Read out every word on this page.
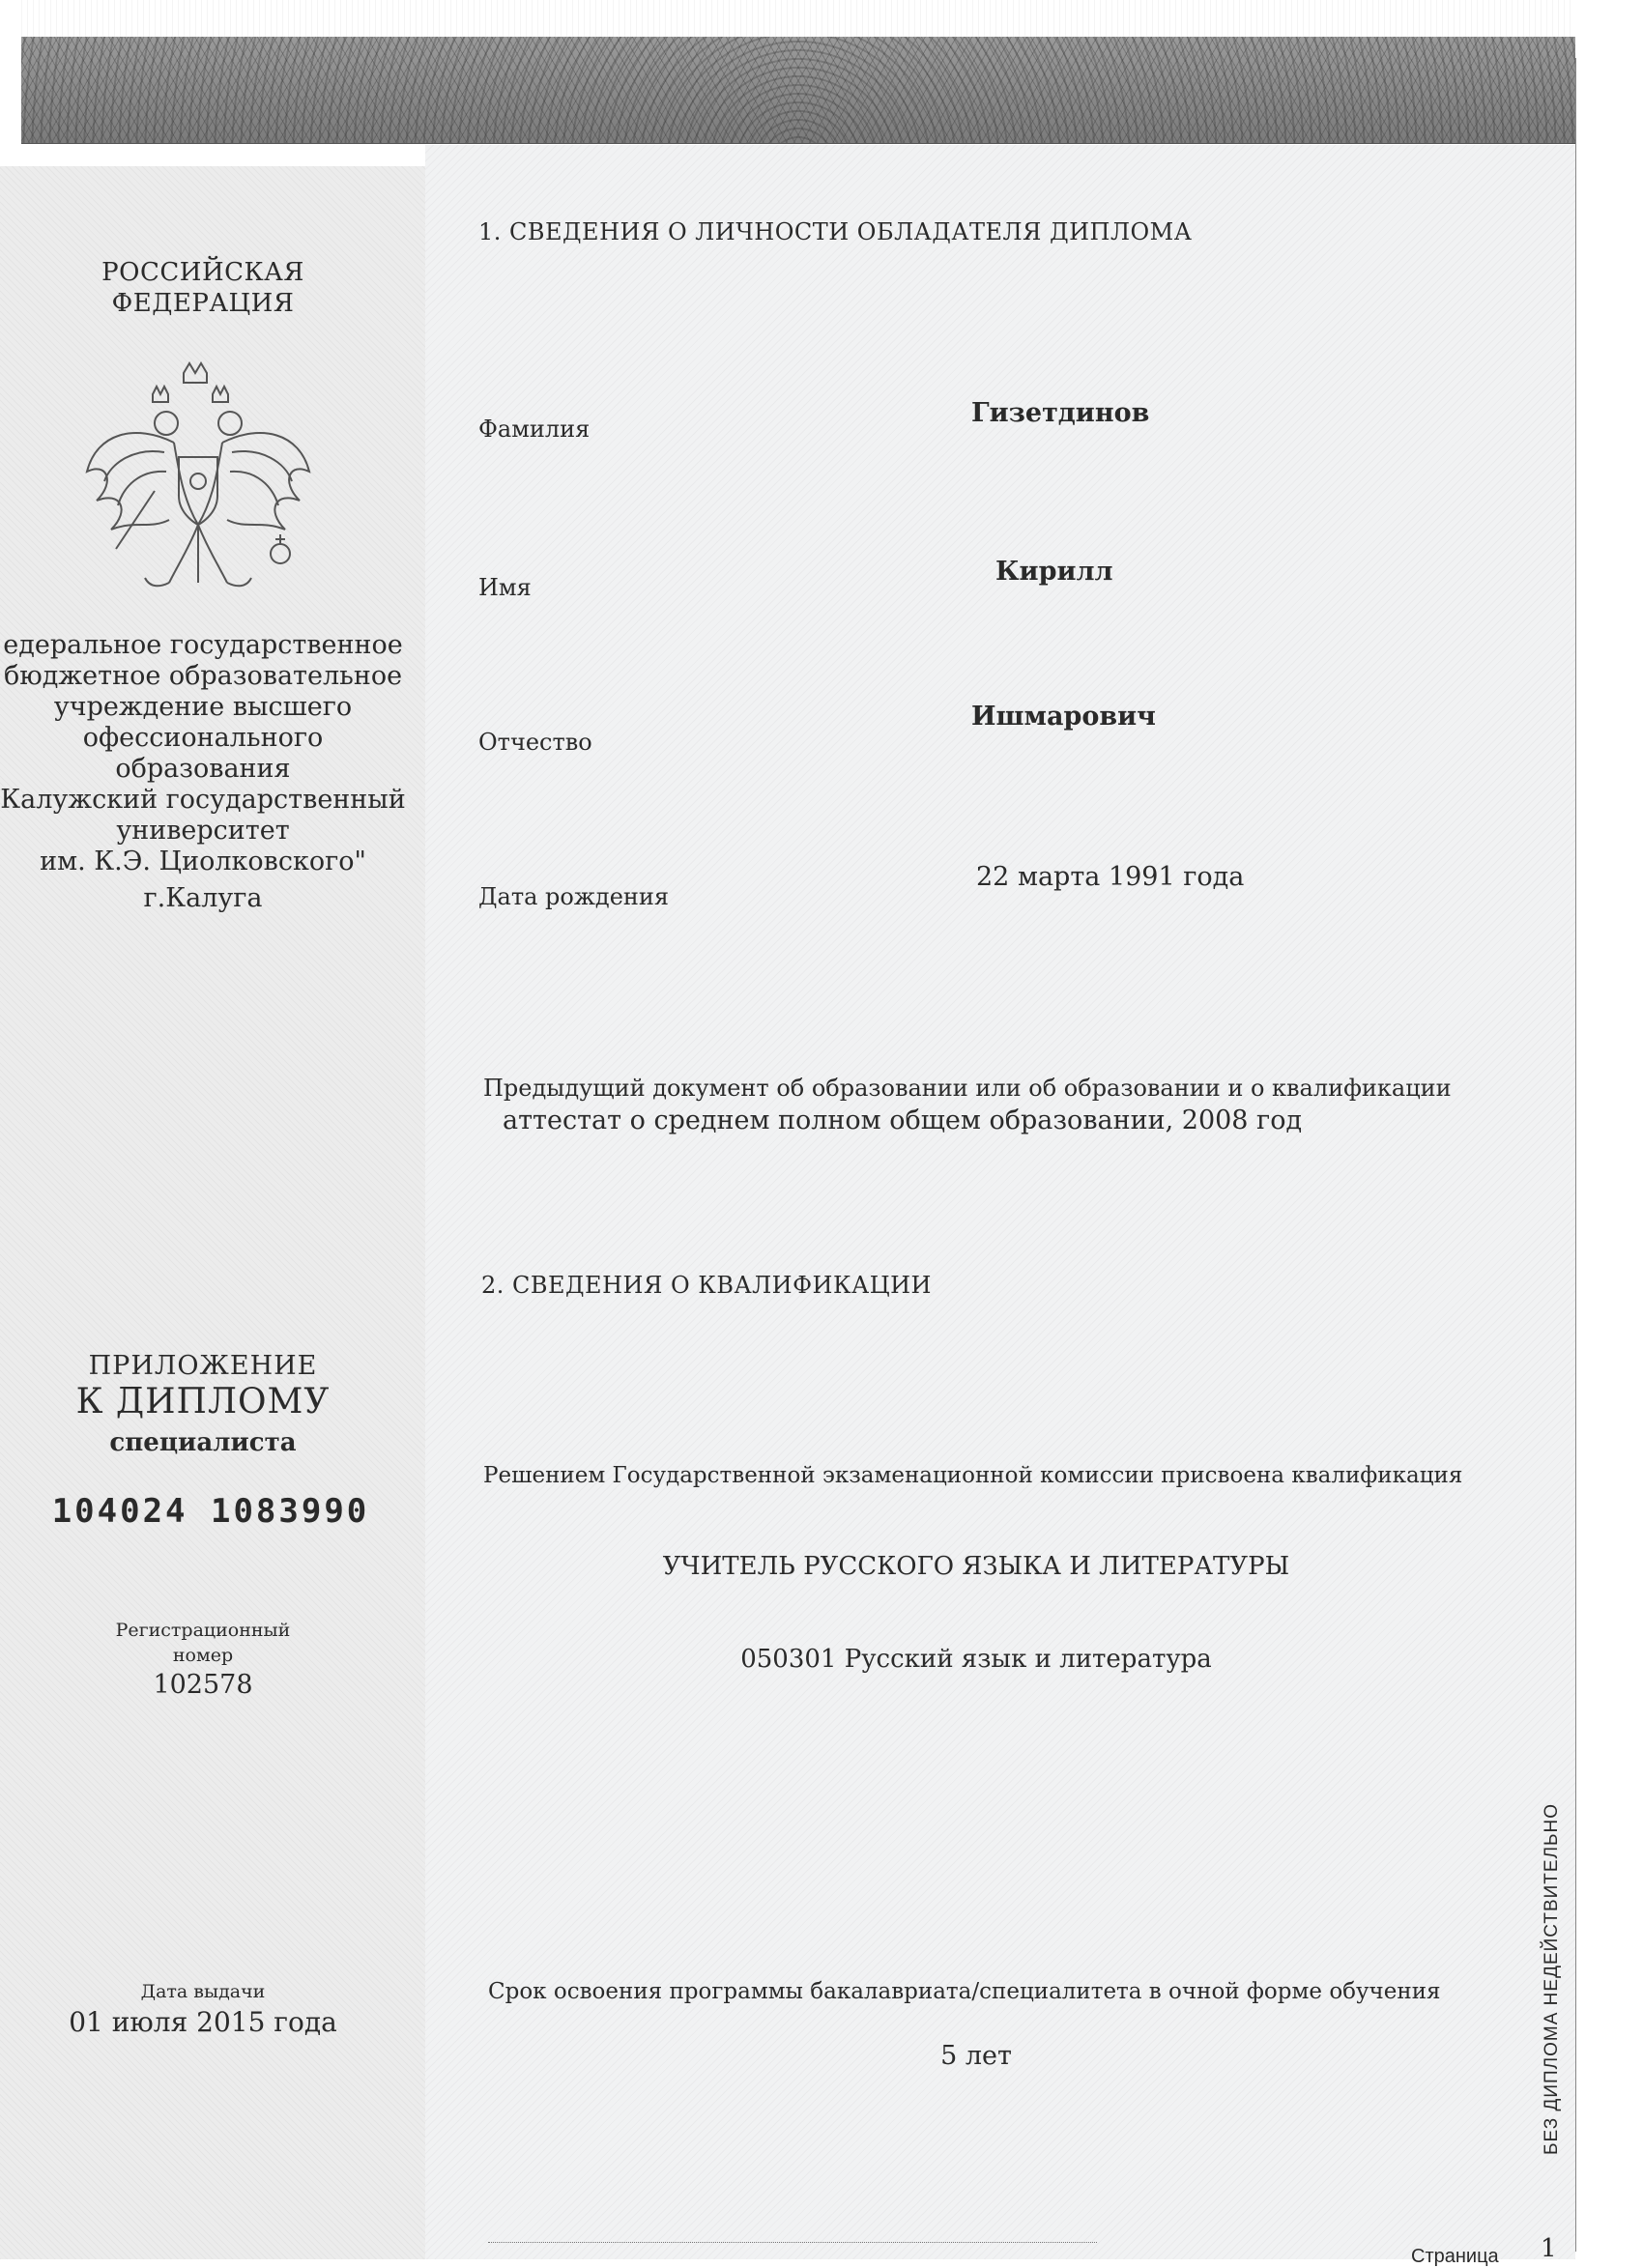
РОССИЙСКАЯ
ФЕДЕРАЦИЯ
едеральное государственное
бюджетное образовательное
учреждение высшего
офессионального образования
Калужский государственный
университет
им. К.Э. Циолковского"
г.Калуга
ПРИЛОЖЕНИЕ
К ДИПЛОМУ
специалиста
104024 1083990
Регистрационный
номер
102578
Дата выдачи
01 июля 2015 года
1. СВЕДЕНИЯ О ЛИЧНОСТИ ОБЛАДАТЕЛЯ ДИПЛОМА
Фамилия
Гизетдинов
Имя
Кирилл
Отчество
Ишмарович
Дата рождения
22 марта 1991 года
Предыдущий документ об образовании или об образовании и о квалификации
аттестат о среднем полном общем образовании, 2008 год
2. СВЕДЕНИЯ О КВАЛИФИКАЦИИ
Решением Государственной экзаменационной комиссии присвоена квалификация
УЧИТЕЛЬ РУССКОГО ЯЗЫКА И ЛИТЕРАТУРЫ
050301 Русский язык и литература
Срок освоения программы бакалавриата/специалитета в очной форме обучения
5 лет
Страница 1
БЕЗ ДИПЛОМА НЕДЕЙСТВИТЕЛЬНО
